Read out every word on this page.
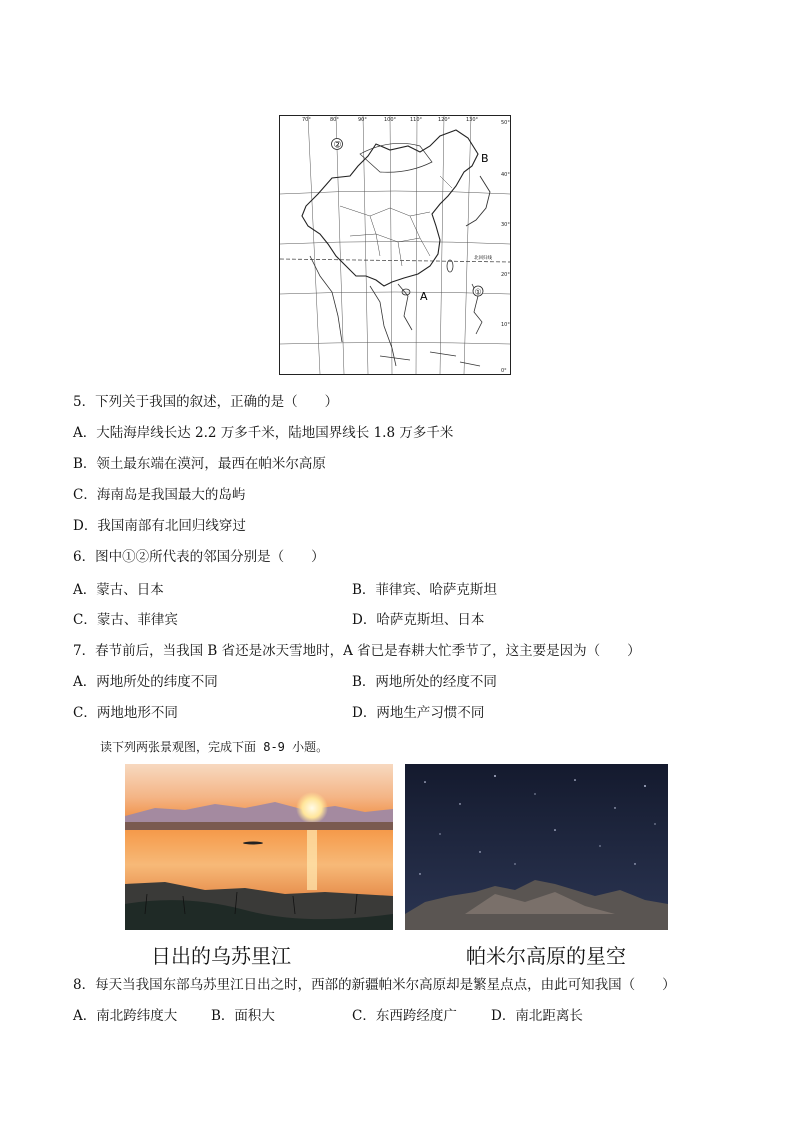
70°	80°	90°	100°	110°	120°	130°	50°
40°
30°
20°
10°
0°
②
①
B
A
北回归线
5．下列关于我国的叙述，正确的是（　　）
A．大陆海岸线长达 2.2 万多千米，陆地国界线长 1.8 万多千米
B．领土最东端在漠河，最西在帕米尔高原
C．海南岛是我国最大的岛屿
D．我国南部有北回归线穿过
6．图中①②所代表的邻国分别是（　　）
A．蒙古、日本	B．菲律宾、哈萨克斯坦
C．蒙古、菲律宾	D．哈萨克斯坦、日本
7．春节前后，当我国 B 省还是冰天雪地时，A 省已是春耕大忙季节了，这主要是因为（　　）
A．两地所处的纬度不同	B．两地所处的经度不同
C．两地地形不同	D．两地生产习惯不同
读下列两张景观图，完成下面 8-9 小题。
日出的乌苏里江	帕米尔高原的星空
8．每天当我国东部乌苏里江日出之时，西部的新疆帕米尔高原却是繁星点点，由此可知我国（　　）
A．南北跨纬度大	B．面积大	C．东西跨经度广	D．南北距离长
